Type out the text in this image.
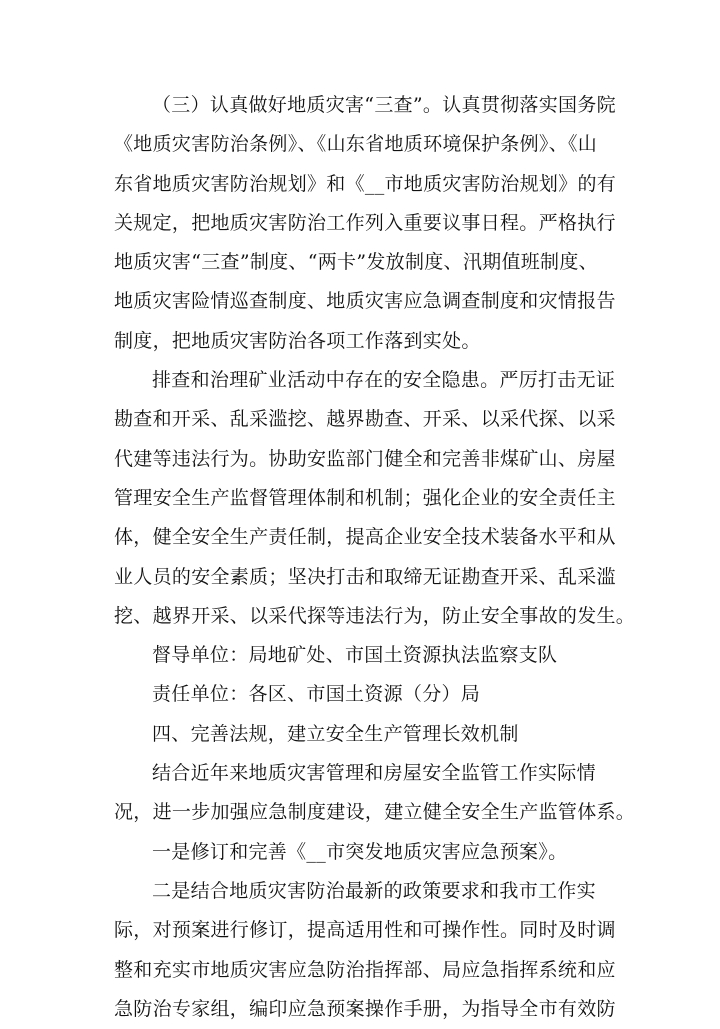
（三）认真做好地质灾害“三查”。认真贯彻落实国务院
《地质灾害防治条例》、《山东省地质环境保护条例》、《山
东省地质灾害防治规划》和《__市地质灾害防治规划》的有
关规定，把地质灾害防治工作列入重要议事日程。严格执行
地质灾害“三查”制度、“两卡”发放制度、汛期值班制度、
地质灾害险情巡查制度、地质灾害应急调查制度和灾情报告
制度，把地质灾害防治各项工作落到实处。
排查和治理矿业活动中存在的安全隐患。严厉打击无证
勘查和开采、乱采滥挖、越界勘查、开采、以采代探、以采
代建等违法行为。协助安监部门健全和完善非煤矿山、房屋
管理安全生产监督管理体制和机制；强化企业的安全责任主
体，健全安全生产责任制，提高企业安全技术装备水平和从
业人员的安全素质；坚决打击和取缔无证勘查开采、乱采滥
挖、越界开采、以采代探等违法行为，防止安全事故的发生。
督导单位：局地矿处、市国土资源执法监察支队
责任单位：各区、市国土资源（分）局
四、完善法规，建立安全生产管理长效机制
结合近年来地质灾害管理和房屋安全监管工作实际情
况，进一步加强应急制度建设，建立健全安全生产监管体系。
一是修订和完善《__市突发地质灾害应急预案》。
二是结合地质灾害防治最新的政策要求和我市工作实
际，对预案进行修订，提高适用性和可操作性。同时及时调
整和充实市地质灾害应急防治指挥部、局应急指挥系统和应
急防治专家组，编印应急预案操作手册，为指导全市有效防
